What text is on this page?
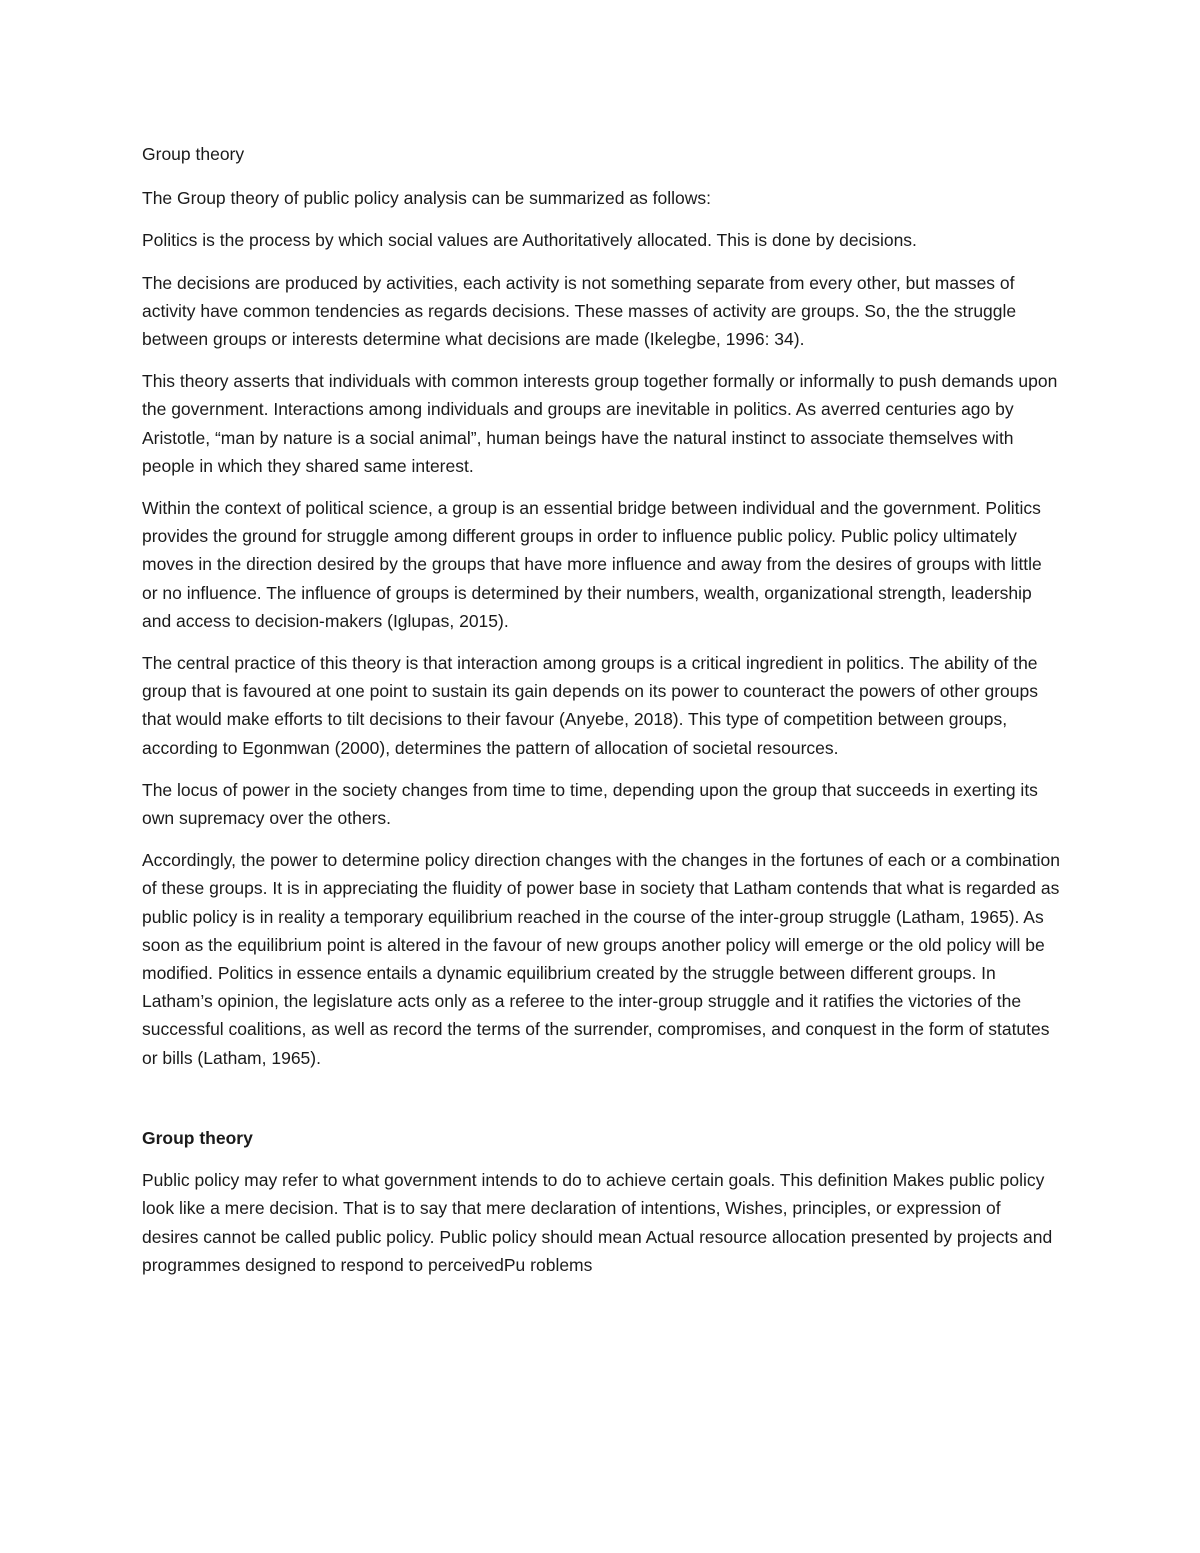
Group theory

The Group theory of public policy analysis can be summarized as follows:

Politics is the process by which social values are Authoritatively allocated. This is done by decisions.

The decisions are produced by activities, each activity is not something separate from every other, but masses of activity have common tendencies as regards decisions. These masses of activity are groups. So, the the struggle between groups or interests determine what decisions are made (Ikelegbe, 1996: 34).

This theory asserts that individuals with common interests group together formally or informally to push demands upon the government. Interactions among individuals and groups are inevitable in politics. As averred centuries ago by Aristotle, “man by nature is a social animal”, human beings have the natural instinct to associate themselves with people in which they shared same interest.

Within the context of political science, a group is an essential bridge between individual and the government. Politics provides the ground for struggle among different groups in order to influence public policy. Public policy ultimately moves in the direction desired by the groups that have more influence and away from the desires of groups with little or no influence. The influence of groups is determined by their numbers, wealth, organizational strength, leadership and access to decision-makers (Iglupas, 2015).

The central practice of this theory is that interaction among groups is a critical ingredient in politics. The ability of the group that is favoured at one point to sustain its gain depends on its power to counteract the powers of other groups that would make efforts to tilt decisions to their favour (Anyebe, 2018). This type of competition between groups, according to Egonmwan (2000), determines the pattern of allocation of societal resources.

The locus of power in the society changes from time to time, depending upon the group that succeeds in exerting its own supremacy over the others.

Accordingly, the power to determine policy direction changes with the changes in the fortunes of each or a combination of these groups. It is in appreciating the fluidity of power base in society that Latham contends that what is regarded as public policy is in reality a temporary equilibrium reached in the course of the inter-group struggle (Latham, 1965). As soon as the equilibrium point is altered in the favour of new groups another policy will emerge or the old policy will be modified. Politics in essence entails a dynamic equilibrium created by the struggle between different groups. In Latham’s opinion, the legislature acts only as a referee to the inter-group struggle and it ratifies the victories of the successful coalitions, as well as record the terms of the surrender, compromises, and conquest in the form of statutes or bills (Latham, 1965).

Group theory

Public policy may refer to what government intends to do to achieve certain goals. This definition Makes public policy look like a mere decision. That is to say that mere declaration of intentions, Wishes, principles, or expression of desires cannot be called public policy. Public policy should mean Actual resource allocation presented by projects and programmes designed to respond to perceivedPu roblems
